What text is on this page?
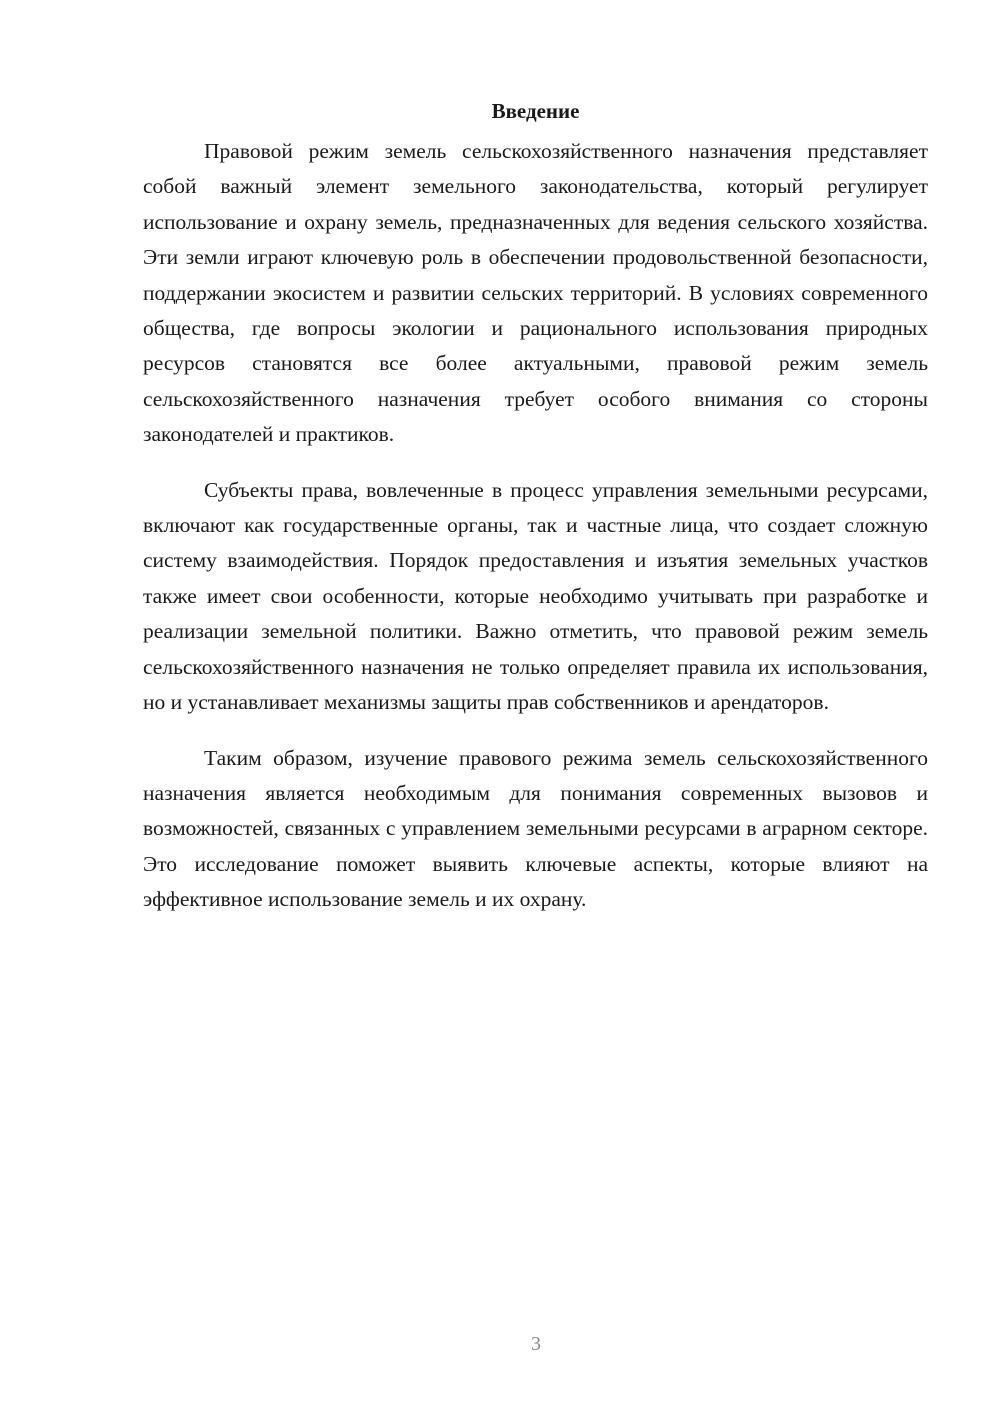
Введение

Правовой режим земель сельскохозяйственного назначения представляет собой важный элемент земельного законодательства, который регулирует использование и охрану земель, предназначенных для ведения сельского хозяйства. Эти земли играют ключевую роль в обеспечении продовольственной безопасности, поддержании экосистем и развитии сельских территорий. В условиях современного общества, где вопросы экологии и рационального использования природных ресурсов становятся все более актуальными, правовой режим земель сельскохозяйственного назначения требует особого внимания со стороны законодателей и практиков.

Субъекты права, вовлеченные в процесс управления земельными ресурсами, включают как государственные органы, так и частные лица, что создает сложную систему взаимодействия. Порядок предоставления и изъятия земельных участков также имеет свои особенности, которые необходимо учитывать при разработке и реализации земельной политики. Важно отметить, что правовой режим земель сельскохозяйственного назначения не только определяет правила их использования, но и устанавливает механизмы защиты прав собственников и арендаторов.

Таким образом, изучение правового режима земель сельскохозяйственного назначения является необходимым для понимания современных вызовов и возможностей, связанных с управлением земельными ресурсами в аграрном секторе. Это исследование поможет выявить ключевые аспекты, которые влияют на эффективное использование земель и их охрану.

3
